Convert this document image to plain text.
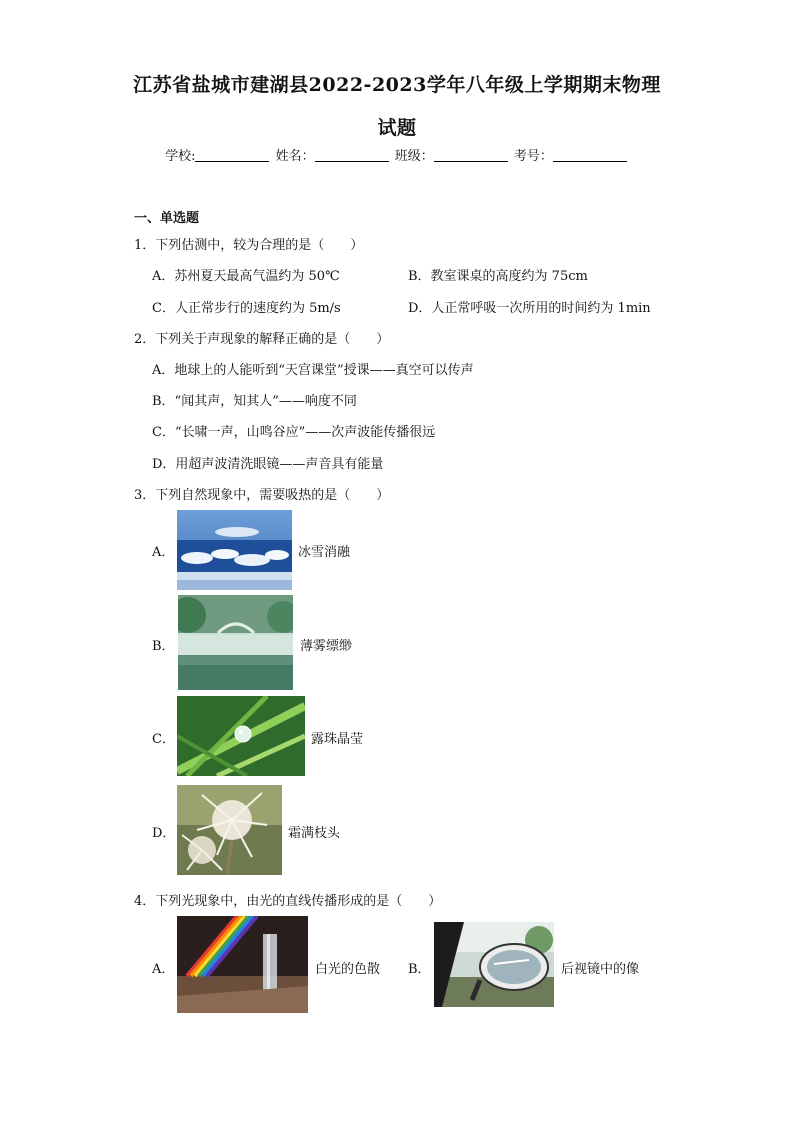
江苏省盐城市建湖县2022-2023学年八年级上学期期末物理
试题
学校:	姓名：	班级：	考号：
一、单选题
1．下列估测中，较为合理的是（　　）
A．苏州夏天最高气温约为 50℃	B．教室课桌的高度约为 75cm
C．人正常步行的速度约为 5m/s	D．人正常呼吸一次所用的时间约为 1min
2．下列关于声现象的解释正确的是（　　）
A．地球上的人能听到“天宫课堂”授课——真空可以传声
B．“闻其声，知其人”——响度不同
C．“长啸一声，山鸣谷应”——次声波能传播很远
D．用超声波清洗眼镜——声音具有能量
3．下列自然现象中，需要吸热的是（　　）
A．	冰雪消融
B．	薄雾缥缈
C．	露珠晶莹
D．	霜满枝头
4．下列光现象中，由光的直线传播形成的是（　　）
A．	白光的色散 B．	后视镜中的像
